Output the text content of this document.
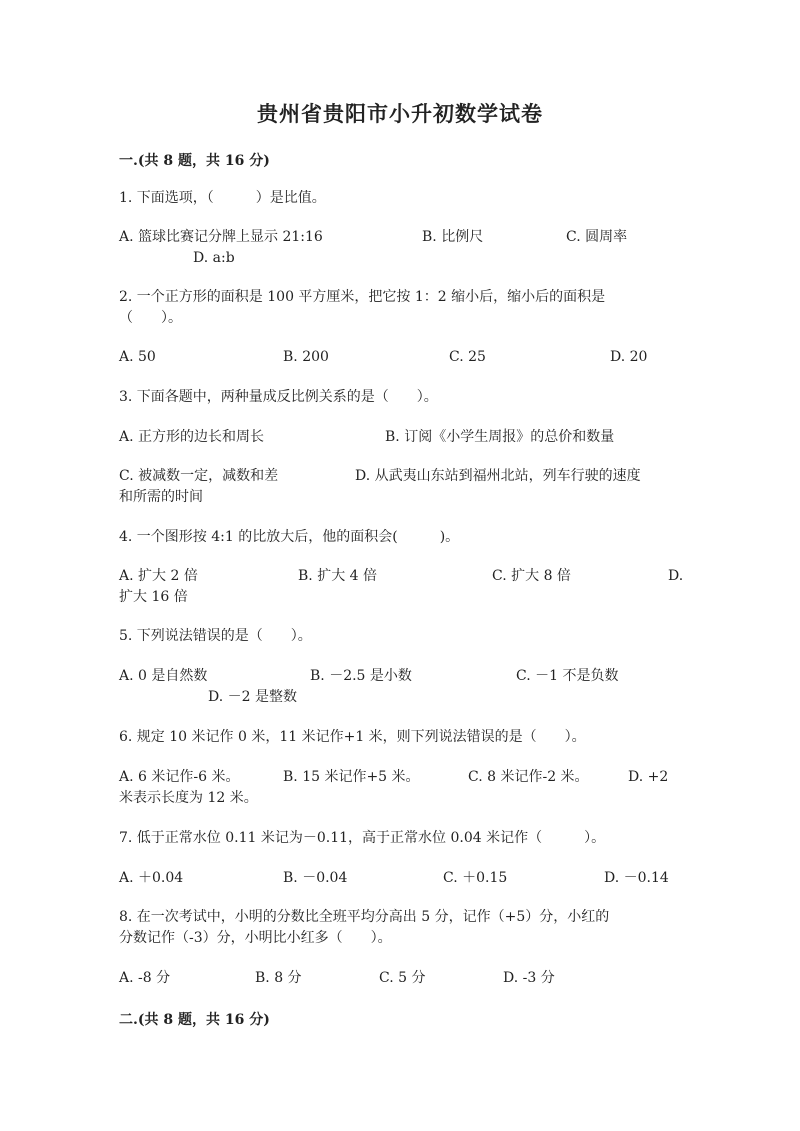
贵州省贵阳市小升初数学试卷
一.(共 8 题，共 16 分)
1. 下面选项，（　　　）是比值。
A. 篮球比赛记分牌上显示 21:16	B. 比例尺	C. 圆周率
D. a:b
2. 一个正方形的面积是 100 平方厘米，把它按 1：2 缩小后，缩小后的面积是
（　　）。
A. 50	B. 200	C. 25	D. 20
3. 下面各题中，两种量成反比例关系的是（　　）。
A. 正方形的边长和周长	B. 订阅《小学生周报》的总价和数量
C. 被减数一定，减数和差	D. 从武夷山东站到福州北站，列车行驶的速度
和所需的时间
4. 一个图形按 4:1 的比放大后，他的面积会(　　　)。
A. 扩大 2 倍	B. 扩大 4 倍	C. 扩大 8 倍	D.
扩大 16 倍
5. 下列说法错误的是（　　）。
A. 0 是自然数	B. －2.5 是小数	C. －1 不是负数
D. －2 是整数
6. 规定 10 米记作 0 米，11 米记作+1 米，则下列说法错误的是（　　）。
A. 6 米记作-6 米。	B. 15 米记作+5 米。	C. 8 米记作-2 米。	D. +2
米表示长度为 12 米。
7. 低于正常水位 0.11 米记为－0.11，高于正常水位 0.04 米记作（　　　）。
A. ＋0.04	B. －0.04	C. ＋0.15	D. －0.14
8. 在一次考试中，小明的分数比全班平均分高出 5 分，记作（+5）分，小红的
分数记作（-3）分，小明比小红多（　　）。
A. -8 分	B. 8 分	C. 5 分	D. -3 分
二.(共 8 题，共 16 分)
